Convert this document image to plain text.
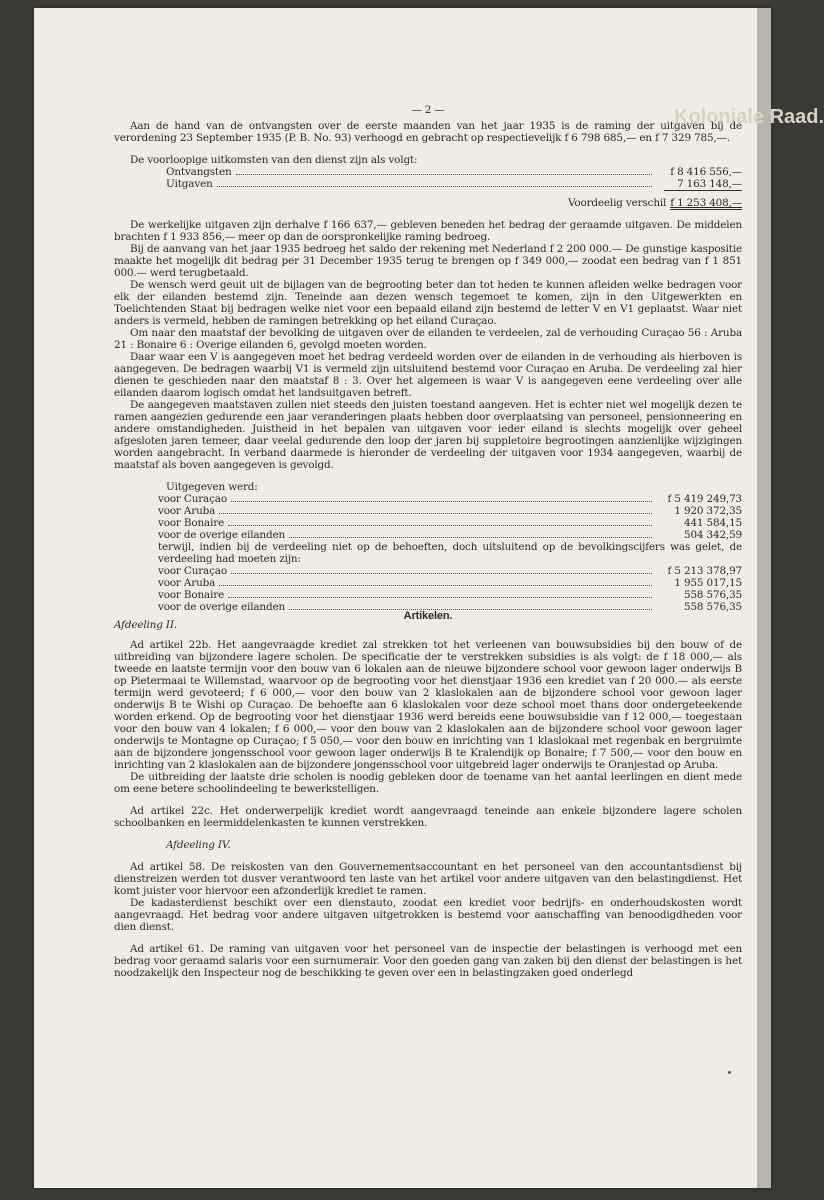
Koloniale Raad.
— 2 —

Aan de hand van de ontvangsten over de eerste maanden van het jaar 1935 is de raming der uitgaven bij de verordening 23 September 1935 (P. B. No. 93) verhoogd en gebracht op respectievelijk f 6 798 685,— en f 7 329 785,—.

De voorloopige uitkomsten van den dienst zijn als volgt:

Ontvangsten	f 8 416 556,—
Uitgaven	7 163 148,—
Voordeelig verschil f 1 253 408,—

De werkelijke uitgaven zijn derhalve f 166 637,— gebleven beneden het bedrag der geraamde uitgaven. De middelen brachten f 1 933 856,— meer op dan de oorspronkelijke raming bedroeg.

Bij de aanvang van het jaar 1935 bedroeg het saldo der rekening met Nederland f 2 200 000.— De gunstige kaspositie maakte het mogelijk dit bedrag per 31 December 1935 terug te brengen op f 349 000,— zoodat een bedrag van f 1 851 000.— werd terugbetaald.

De wensch werd geuit uit de bijlagen van de begrooting beter dan tot heden te kunnen afleiden welke bedragen voor elk der eilanden bestemd zijn. Teneinde aan dezen wensch tegemoet te komen, zijn in den Uitgewerkten en Toelichtenden Staat bij bedragen welke niet voor een bepaald eiland zijn bestemd de letter V en V1 geplaatst. Waar niet anders is vermeld, hebben de ramingen betrekking op het eiland Curaçao.

Om naar den maatstaf der bevolking de uitgaven over de eilanden te verdeelen, zal de verhouding Curaçao 56 : Aruba 21 : Bonaire 6 : Overige eilanden 6, gevolgd moeten worden.

Daar waar een V is aangegeven moet het bedrag verdeeld worden over de eilanden in de verhouding als hierboven is aangegeven. De bedragen waarbij V1 is vermeld zijn uitsluitend bestemd voor Curaçao en Aruba. De verdeeling zal hier dienen te geschieden naar den maatstaf 8 : 3. Over het algemeen is waar V is aangegeven eene verdeeling over alle eilanden daarom logisch omdat het landsuitgaven betreft.

De aangegeven maatstaven zullen niet steeds den juisten toestand aangeven. Het is echter niet wel mogelijk dezen te ramen aangezien gedurende een jaar veranderingen plaats hebben door overplaatsing van personeel, pensionneering en andere omstandigheden. Juistheid in het bepalen van uitgaven voor ieder eiland is slechts mogelijk over geheel afgesloten jaren temeer, daar veelal gedurende den loop der jaren bij suppletoire begrootingen aanzienlijke wijzigingen worden aangebracht. In verband daarmede is hieronder de verdeeling der uitgaven voor 1934 aangegeven, waarbij de maatstaf als boven aangegeven is gevolgd.

Uitgegeven werd:

voor Curaçao	f 5 419 249,73
voor Aruba	1 920 372,35
voor Bonaire	441 584,15
voor de overige eilanden	504 342,59

terwijl, indien bij de verdeeling niet op de behoeften, doch uitsluitend op de bevolkingscijfers was gelet, de verdeeling had moeten zijn:

voor Curaçao	f 5 213 378,97
voor Aruba	1 955 017,15
voor Bonaire	558 576,35
voor de overige eilanden	558 576,35
Artikelen.
Afdeeling II.

Ad artikel 22b. Het aangevraagde krediet zal strekken tot het verleenen van bouwsubsidies bij den bouw of de uitbreiding van bijzondere lagere scholen. De specificatie der te verstrekken subsidies is als volgt: de f 18 000,— als tweede en laatste termijn voor den bouw van 6 lokalen aan de nieuwe bijzondere school voor gewoon lager onderwijs B op Pietermaai te Willemstad, waarvoor op de begrooting voor het dienstjaar 1936 een krediet van f 20 000.— als eerste termijn werd gevoteerd; f 6 000,— voor den bouw van 2 klaslokalen aan de bijzondere school voor gewoon lager onderwijs B te Wishi op Curaçao. De behoefte aan 6 klaslokalen voor deze school moet thans door ondergeteekende worden erkend. Op de begrooting voor het dienstjaar 1936 werd bereids eene bouwsubsidie van f 12 000,— toegestaan voor den bouw van 4 lokalen; f 6 000,— voor den bouw van 2 klaslokalen aan de bijzondere school voor gewoon lager onderwijs te Montagne op Curaçao; f 5 050,— voor den bouw en inrichting van 1 klaslokaal met regenbak en bergruimte aan de bijzondere jongensschool voor gewoon lager onderwijs B te Kralendijk op Bonaire; f 7 500,— voor den bouw en inrichting van 2 klaslokalen aan de bijzondere jongensschool voor uitgebreid lager onderwijs te Oranjestad op Aruba.

De uitbreiding der laatste drie scholen is noodig gebleken door de toename van het aantal leerlingen en dient mede om eene betere schoolindeeling te bewerkstelligen.

Ad artikel 22c. Het onderwerpelijk krediet wordt aangevraagd teneinde aan enkele bijzondere lagere scholen schoolbanken en leermiddelenkasten te kunnen verstrekken.

Afdeeling IV.

Ad artikel 58. De reiskosten van den Gouvernementsaccountant en het personeel van den accountantsdienst bij dienstreizen werden tot dusver verantwoord ten laste van het artikel voor andere uitgaven van den belastingdienst. Het komt juister voor hiervoor een afzonderlijk krediet te ramen.

De kadasterdienst beschikt over een dienstauto, zoodat een krediet voor bedrijfs- en onderhoudskosten wordt aangevraagd. Het bedrag voor andere uitgaven uitgetrokken is bestemd voor aanschaffing van benoodigdheden voor dien dienst.

Ad artikel 61. De raming van uitgaven voor het personeel van de inspectie der belastingen is verhoogd met een bedrag voor geraamd salaris voor een surnumerair. Voor den goeden gang van zaken bij den dienst der belastingen is het noodzakelijk den Inspecteur nog de beschikking te geven over een in belastingzaken goed onderlegd
